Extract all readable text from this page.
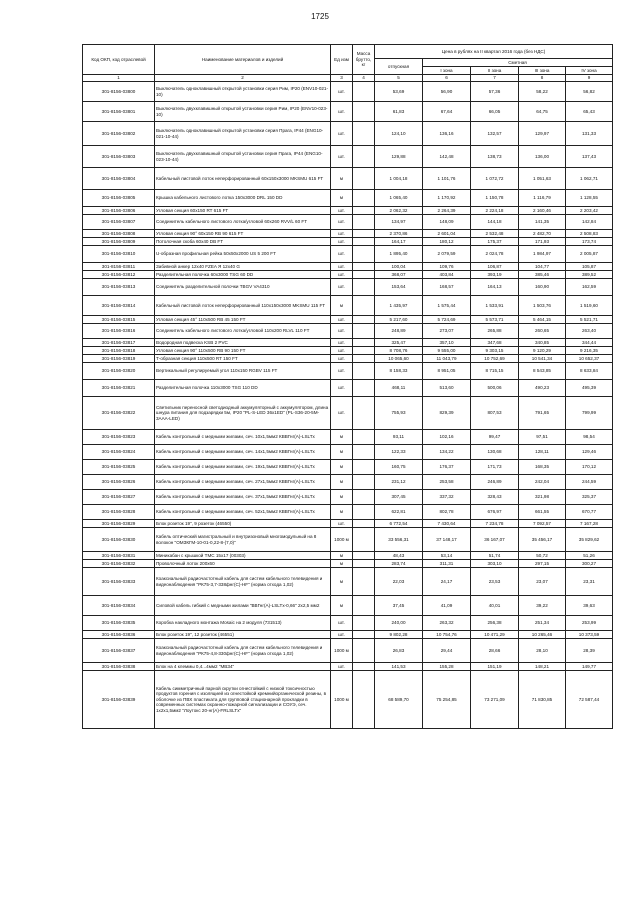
1725
Код ОКП, код отраслевой	Наименование материалов и изделий	Ед изм	Масса брутто, кг	Цена в рублях на II квартал 2016 года (без НДС)				
				отпускная	Сметная			
					I зона	II зона	III зона	IV зона
1	2	3	4	5	6	7	8	9
301-8156-03800	Выключатель одноклавишный открытой установки серия Рим, IP20 (ENV10-021-10)	шт.		53,69	56,90	57,36	58,22	56,82
301-8156-03801	Выключатель двухклавишный открытой установки серия Рим, IP20 (ENV10-023-10)	шт.		61,83	67,64	66,05	64,75	65,43
301-8156-03802	Выключатель одноклавишный открытой установки серия Прага, IP44 (ENG10-021-10-44)	шт.		124,10	136,16	132,57	129,97	131,33
301-8156-03803	Выключатель двухклавишный открытой установки серия Прага, IP44 (ENG10-023-10-44)	шт.		129,88	142,48	138,73	136,00	137,43
301-8156-03804	Кабельный листовой лоток неперфорированный 60х150х3000 MKSMU 615 FT	м		1 004,18	1 101,76	1 072,72	1 051,63	1 062,71
301-8156-03805	Крышка кабельного листового лотка 150х3000 DRL 150 DD	м		1 065,40	1 170,92	1 150,78	1 116,79	1 128,55
301-8156-03806	Угловая секция 60х150 RT 615 FT	шт.		2 062,32	2 264,39	2 224,18	2 160,46	2 203,42
301-8156-03807	Соединитель кабельного листового лотка/угловой 60х260 RVV/L 60 FT	шт.		134,97	148,09	144,18	141,35	142,84
301-8156-03808	Угловая секция 90° 60х150 RB 90 615 FT	шт.		2 370,86	2 601,04	2 532,48	2 482,70	2 508,83
301-8156-03809	Потолочная скоба 60х40 DB FT	шт.		164,17	180,12	175,37	171,93	173,74
301-8156-03810	U-образная профильная рейка 50х50х2000 US 5 200 FT	шт.		1 895,40	2 079,59	2 024,78	1 984,97	2 005,87
301-8156-03811	Забивной анкер 12х40 FZEA Я 12х40 G	шт.		100,04	109,76	106,87	104,77	105,87
301-8156-03812	Разделительная полочка 60х3000 TSG 60 DD	шт.		368,07	403,84	393,19	385,46	389,52
301-8156-03813	Соединитель разделительной полочки TBGV VA4310	шт.		153,64	168,57	164,13	160,90	162,59
301-8156-03814	Кабельный листовой лоток неперфорированный 110х150х3000 MKSMU 115 FT	м		1 435,97	1 575,44	1 533,91	1 503,76	1 519,60
301-8156-03815	Угловая секция 45° 110х500 RB 45 150 FT	шт.		5 217,60	5 724,69	5 573,71	5 464,15	5 521,71
301-8156-03816	Соединитель кабельного листового лотка/угловой 110х200 RLVL 110 FT	шт.		248,89	273,07	265,88	260,65	263,40
301-8156-03817	Водородная подвеска KSB 2 PVC	шт.		325,47	357,10	347,68	340,85	344,44
301-8156-03818	Угловая секция 90° 110х500 RB 90 150 FT	шт.		8 708,76	9 555,00	9 303,15	9 120,29	9 216,35
301-8156-03819	Т-образная секция 110х500 RT 150 FT	шт.		10 065,60	11 043,79	10 752,69	10 541,34	10 652,37
301-8156-03820	Вертикальный регулируемый угол 110х150 RGBV 115 FT	шт.		8 158,33	8 951,05	8 715,15	8 543,85	8 633,84
301-8156-03821	Разделительная полочка 110х3000 TSG 110 DD	шт.		468,11	513,60	500,06	490,23	495,39
301-8156-03822	Светильник переносной светодиодный аккумуляторный с аккумулятором, длина шнура питания для подзарядки 5м, IP20 "PL-S-LED 36x1ED" (PL-S36-20-5M-3AAA-LED)	шт.		755,93	829,39	807,53	791,65	799,99
301-8156-03823	Кабель контрольный с медными жилами, сеч. 10х1,5мм2 КВВГнг(А)-LSLTx	м		93,11	102,16	99,47	97,51	98,54
301-8156-03824	Кабель контрольный с медными жилами, сеч. 14х1,5мм2 КВВГнг(А)-LSLTx	м		122,33	134,22	130,68	128,11	129,46
301-8156-03825	Кабель контрольный с медными жилами, сеч. 19х1,5мм2 КВВГнг(А)-LSLTx	м		160,75	176,37	171,73	168,35	170,12
301-8156-03826	Кабель контрольный с медными жилами, сеч. 27х1,5мм2 КВВГнг(А)-LSLTx	м		231,12	253,58	246,89	242,04	244,59
301-8156-03827	Кабель контрольный с медными жилами, сеч. 37х1,5мм2 КВВГнг(А)-LSLTx	м		307,45	337,32	328,43	321,98	325,37
301-8156-03828	Кабель контрольный с медными жилами, сеч. 52х1,5мм2 КВВГнг(А)-LSLTx	м		622,81	802,78	676,97	661,55	670,77
301-8156-03829	Блок розеток 19", 9 розеток (46550)	шт.		6 772,54	7 430,64	7 234,78	7 092,57	7 167,28
301-8156-03830	Кабель оптический магистральный и внутризоновый многомодульный на 8 волокон "ОМЗКГМ-10-01-0,22-8-(7,0)"	1000 м		33 556,31	37 148,17	36 167,07	35 456,17	35 829,62
301-8156-03831	Миникабан с крышкой TMC 15х17 (00303)	м		48,43	53,14	51,74	50,72	51,26
301-8156-03832	Проволочный лоток 200х60	м		283,74	311,31	303,10	297,15	300,27
301-8156-03833	Коаксиальный радиочастотный кабель для систем кабельного телевидения и видеонаблюдения "РК75-3,7-338фнг(С)-HF" (норма отхода 1,02)	м		22,03	24,17	23,53	23,07	23,31
301-8156-03834	Силовой кабель гибкий с медными жилами "ВВГнг(А)-LSLTx-0,66" 2х2,5 мм2	м		37,45	41,09	40,01	39,22	39,63
301-8156-03835	Коробка накладного монтажа Mosaic на 2 модуля (731513)	шт.		240,00	263,32	256,38	251,34	253,99
301-8156-03836	Блок розеток 19", 12 розеток (46551)	шт.		9 802,28	10 754,76	10 471,29	10 265,46	10 373,59
301-8156-03837	Коаксиальный радиочастотный кабель для систем кабельного телевидения и видеонаблюдения "РК75-4,8-330фнг(С)-HF" (норма отхода 1,02)	1000 м		26,83	29,44	28,66	28,10	28,39
301-8156-03838	Блок на 4 клеммы 0,4...4мм2 "МВЗ4"	шт.		141,53	155,28	151,19	148,21	149,77
301-8156-03839	Кабель симметричный парной скрутки огнестойкий с низкой токсичностью продуктов горения с изоляцией из огнестойкой кремнийорганической резины, в оболочке из ПВХ пластиката для групповой стационарной прокладки в современных системах охранно-пожарной сигнализации и СОУЭ, сеч. 1х2х1,5мм2 "Лоутокс 20-нг(А)-FRLSLTx"	1000 м		68 589,70	75 254,85	73 271,09	71 830,85	72 587,44
